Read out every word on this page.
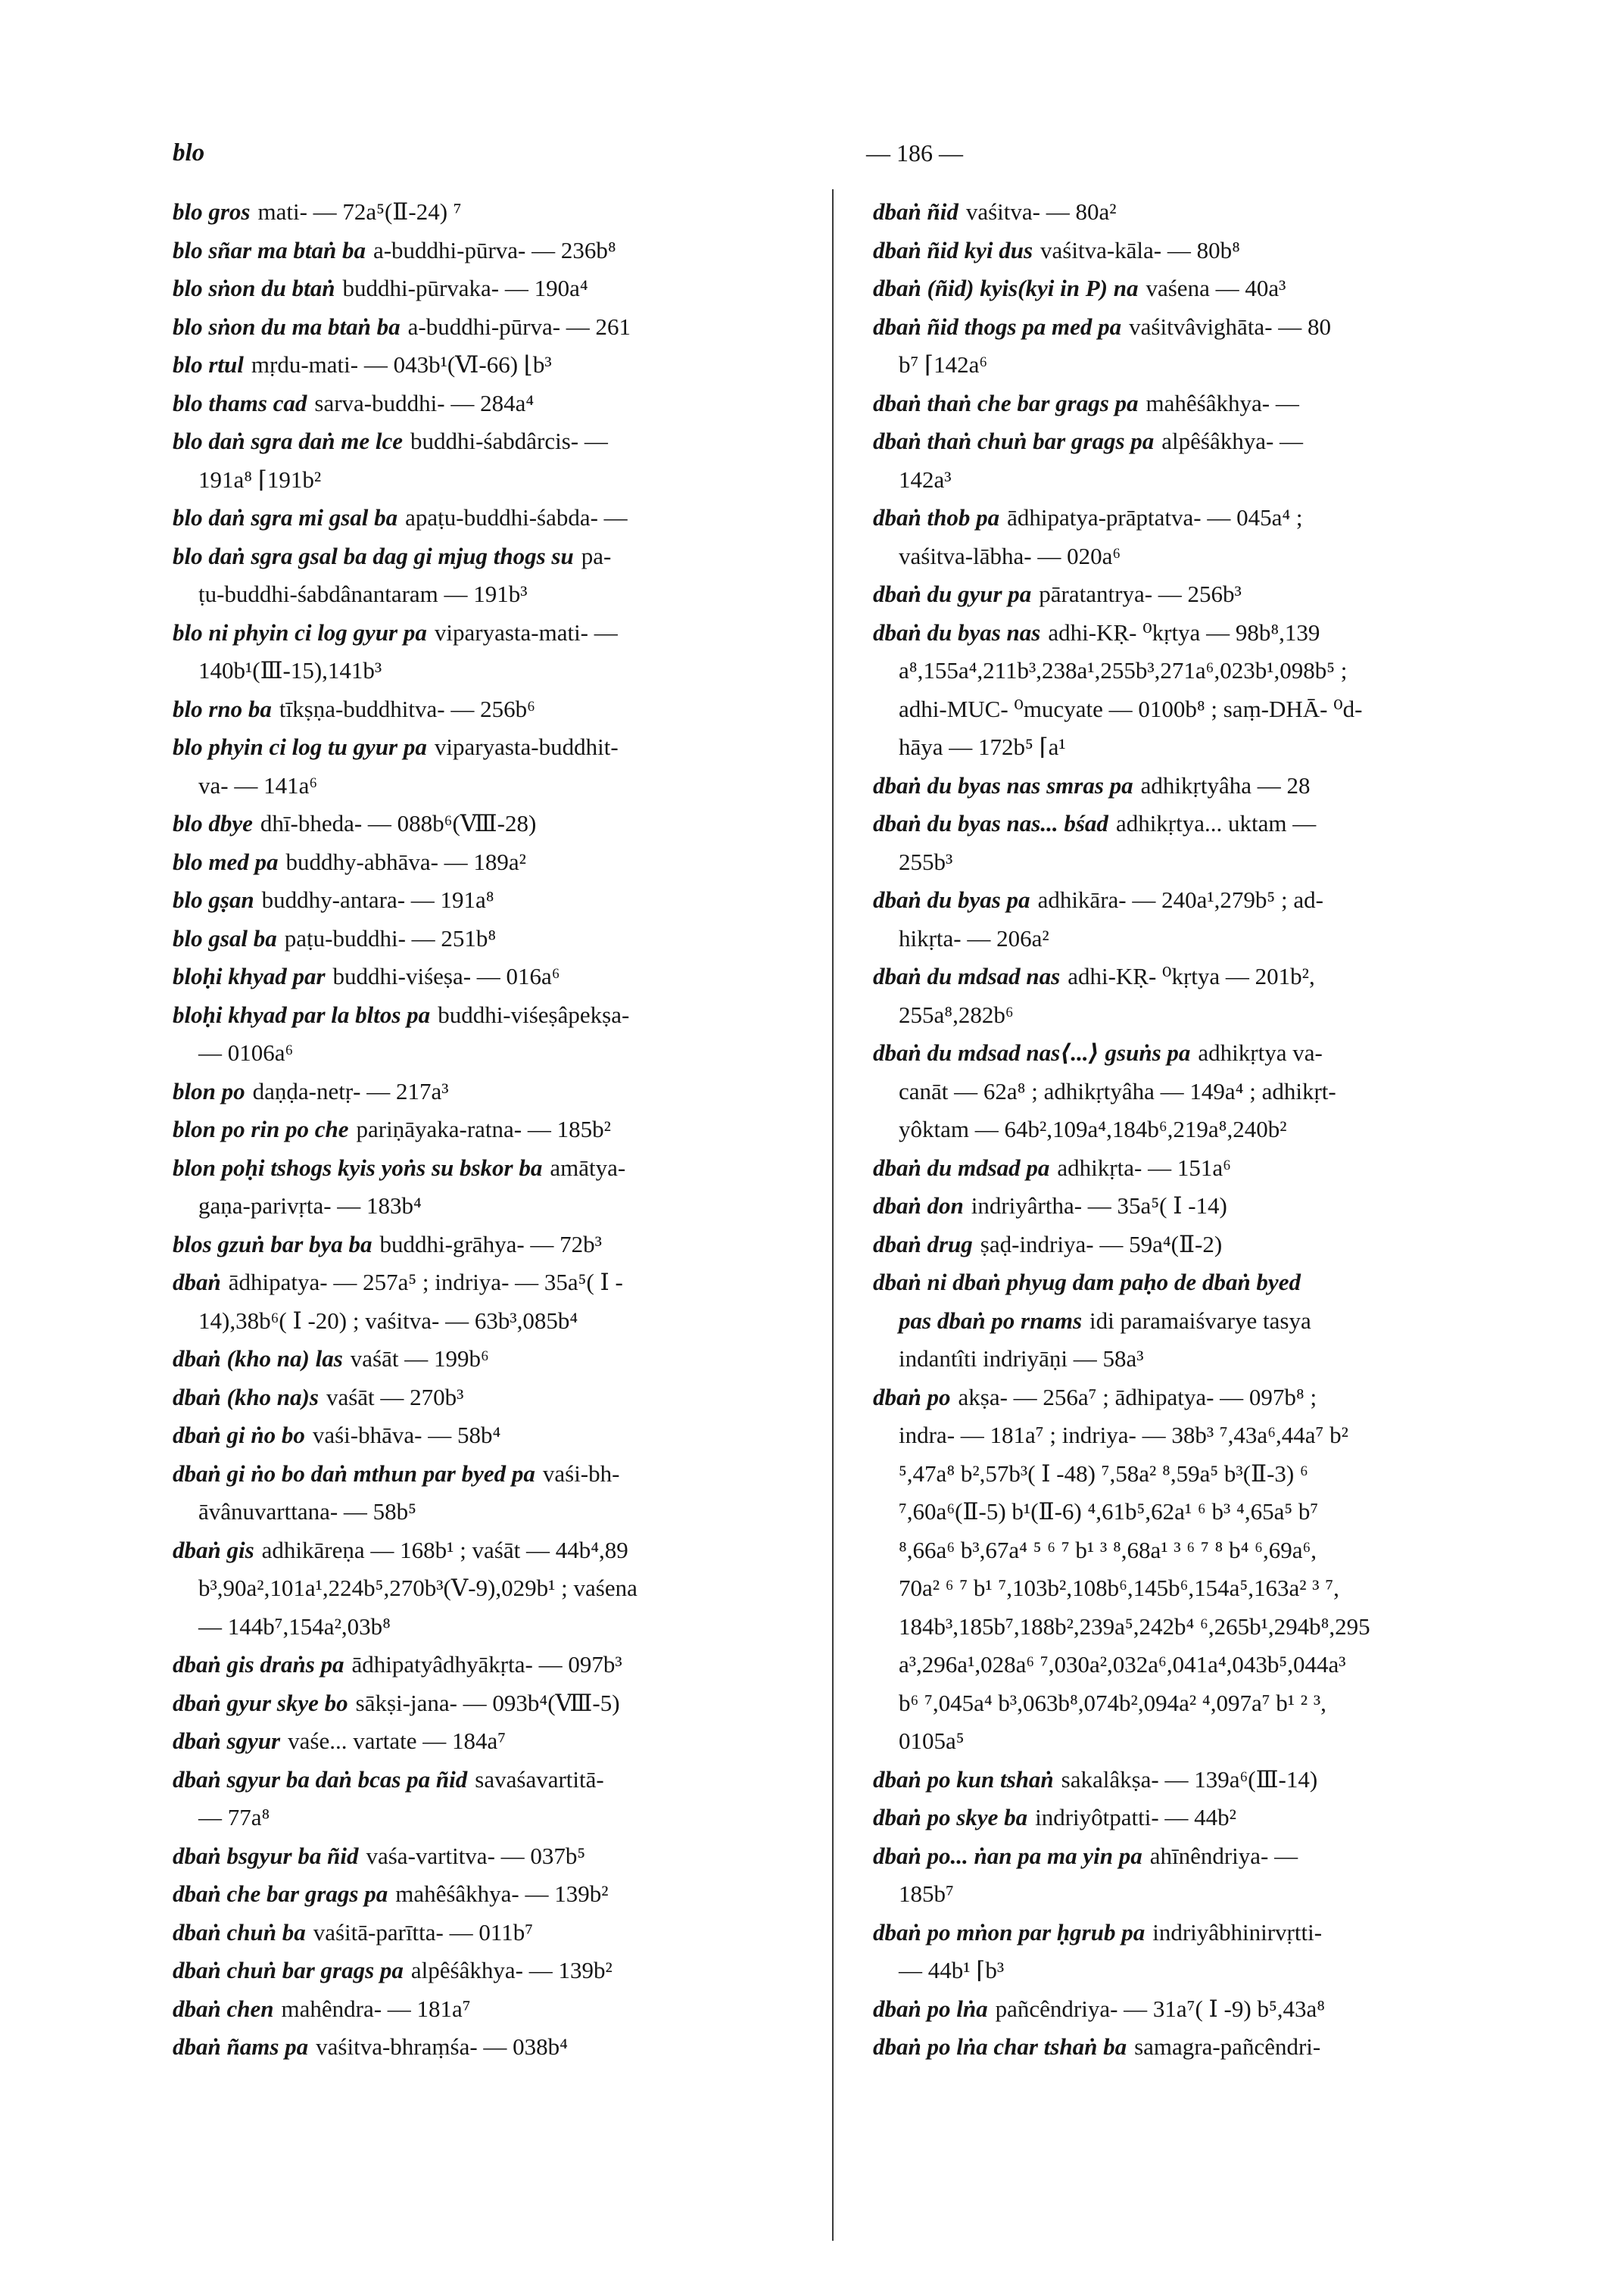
blo	— 186 —
blo gros mati- — 72a⁵(Ⅱ-24) ⁷
blo sñar ma btaṅ ba a-buddhi-pūrva- — 236b⁸
blo sṅon du btaṅ buddhi-pūrvaka- — 190a⁴
blo sṅon du ma btaṅ ba a-buddhi-pūrva- — 261
blo rtul mṛdu-mati- — 043b¹(Ⅵ-66) ⌊b³
blo thams cad sarva-buddhi- — 284a⁴
blo daṅ sgra daṅ me lce buddhi-śabdârcis- —
191a⁸ ⌈191b²
blo daṅ sgra mi gsal ba apaṭu-buddhi-śabda- —
blo daṅ sgra gsal ba dag gi mjug thogs su pa-
ṭu-buddhi-śabdânantaram — 191b³
blo ni phyin ci log gyur pa viparyasta-mati- —
140b¹(Ⅲ-15),141b³
blo rno ba tīkṣṇa-buddhitva- — 256b⁶
blo phyin ci log tu gyur pa viparyasta-buddhit-
va- — 141a⁶
blo dbye dhī-bheda- — 088b⁶(Ⅷ-28)
blo med pa buddhy-abhāva- — 189a²
blo gṣan buddhy-antara- — 191a⁸
blo gsal ba paṭu-buddhi- — 251b⁸
bloḥi khyad par buddhi-viśeṣa- — 016a⁶
bloḥi khyad par la bltos pa buddhi-viśeṣâpekṣa-
— 0106a⁶
blon po daṇḍa-netṛ- — 217a³
blon po rin po che pariṇāyaka-ratna- — 185b²
blon poḥi tshogs kyis yoṅs su bskor ba amātya-
gaṇa-parivṛta- — 183b⁴
blos gzuṅ bar bya ba buddhi-grāhya- — 72b³
dbaṅ ādhipatya- — 257a⁵ ; indriya- — 35a⁵( Ⅰ -
14),38b⁶( Ⅰ -20) ; vaśitva- — 63b³,085b⁴
dbaṅ (kho na) las vaśāt — 199b⁶
dbaṅ (kho na)s vaśāt — 270b³
dbaṅ gi ṅo bo vaśi-bhāva- — 58b⁴
dbaṅ gi ṅo bo daṅ mthun par byed pa vaśi-bh-
āvânuvarttana- — 58b⁵
dbaṅ gis adhikāreṇa — 168b¹ ; vaśāt — 44b⁴,89
b³,90a²,101a¹,224b⁵,270b³(Ⅴ-9),029b¹ ; vaśena
— 144b⁷,154a²,03b⁸
dbaṅ gis draṅs pa ādhipatyâdhyākṛta- — 097b³
dbaṅ gyur skye bo sākṣi-jana- — 093b⁴(Ⅷ-5)
dbaṅ sgyur vaśe... vartate — 184a⁷
dbaṅ sgyur ba daṅ bcas pa ñid savaśavartitā-
— 77a⁸
dbaṅ bsgyur ba ñid vaśa-vartitva- — 037b⁵
dbaṅ che bar grags pa mahêśâkhya- — 139b²
dbaṅ chuṅ ba vaśitā-parītta- — 011b⁷
dbaṅ chuṅ bar grags pa alpêśâkhya- — 139b²
dbaṅ chen mahêndra- — 181a⁷
dbaṅ ñams pa vaśitva-bhraṃśa- — 038b⁴
dbaṅ ñid vaśitva- — 80a²
dbaṅ ñid kyi dus vaśitva-kāla- — 80b⁸
dbaṅ (ñid) kyis(kyi in P) na vaśena — 40a³
dbaṅ ñid thogs pa med pa vaśitvâvighāta- — 80
b⁷ ⌈142a⁶
dbaṅ thaṅ che bar grags pa mahêśâkhya- —
dbaṅ thaṅ chuṅ bar grags pa alpêśâkhya- —
142a³
dbaṅ thob pa ādhipatya-prāptatva- — 045a⁴ ;
vaśitva-lābha- — 020a⁶
dbaṅ du gyur pa pāratantrya- — 256b³
dbaṅ du byas nas adhi-KṚ- ⁰kṛtya — 98b⁸,139
a⁸,155a⁴,211b³,238a¹,255b³,271a⁶,023b¹,098b⁵ ;
adhi-MUC- ⁰mucyate — 0100b⁸ ; saṃ-DHĀ- ⁰d-
hāya — 172b⁵ ⌈a¹
dbaṅ du byas nas smras pa adhikṛtyâha — 28
dbaṅ du byas nas... bśad adhikṛtya... uktam —
255b³
dbaṅ du byas pa adhikāra- — 240a¹,279b⁵ ; ad-
hikṛta- — 206a²
dbaṅ du mdsad nas adhi-KṚ- ⁰kṛtya — 201b²,
255a⁸,282b⁶
dbaṅ du mdsad nas⟨...⟩ gsuṅs pa adhikṛtya va-
canāt — 62a⁸ ; adhikṛtyâha — 149a⁴ ; adhikṛt-
yôktam — 64b²,109a⁴,184b⁶,219a⁸,240b²
dbaṅ du mdsad pa adhikṛta- — 151a⁶
dbaṅ don indriyârtha- — 35a⁵( Ⅰ -14)
dbaṅ drug ṣaḍ-indriya- — 59a⁴(Ⅱ-2)
dbaṅ ni dbaṅ phyug dam paḥo de dbaṅ byed
pas dbaṅ po rnams idi paramaiśvarye tasya
indantîti indriyāṇi — 58a³
dbaṅ po akṣa- — 256a⁷ ; ādhipatya- — 097b⁸ ;
indra- — 181a⁷ ; indriya- — 38b³ ⁷,43a⁶,44a⁷ b²
⁵,47a⁸ b²,57b³( Ⅰ -48) ⁷,58a² ⁸,59a⁵ b³(Ⅱ-3) ⁶
⁷,60a⁶(Ⅱ-5) b¹(Ⅱ-6) ⁴,61b⁵,62a¹ ⁶ b³ ⁴,65a⁵ b⁷
⁸,66a⁶ b³,67a⁴ ⁵ ⁶ ⁷ b¹ ³ ⁸,68a¹ ³ ⁶ ⁷ ⁸ b⁴ ⁶,69a⁶,
70a² ⁶ ⁷ b¹ ⁷,103b²,108b⁶,145b⁶,154a⁵,163a² ³ ⁷,
184b³,185b⁷,188b²,239a⁵,242b⁴ ⁶,265b¹,294b⁸,295
a³,296a¹,028a⁶ ⁷,030a²,032a⁶,041a⁴,043b⁵,044a³
b⁶ ⁷,045a⁴ b³,063b⁸,074b²,094a² ⁴,097a⁷ b¹ ² ³,
0105a⁵
dbaṅ po kun tshaṅ sakalâkṣa- — 139a⁶(Ⅲ-14)
dbaṅ po skye ba indriyôtpatti- — 44b²
dbaṅ po... ṅan pa ma yin pa ahīnêndriya- —
185b⁷
dbaṅ po mṅon par ḥgrub pa indriyâbhinirvṛtti-
— 44b¹ ⌈b³
dbaṅ po lṅa pañcêndriya- — 31a⁷( Ⅰ -9) b⁵,43a⁸
dbaṅ po lṅa char tshaṅ ba samagra-pañcêndri-
